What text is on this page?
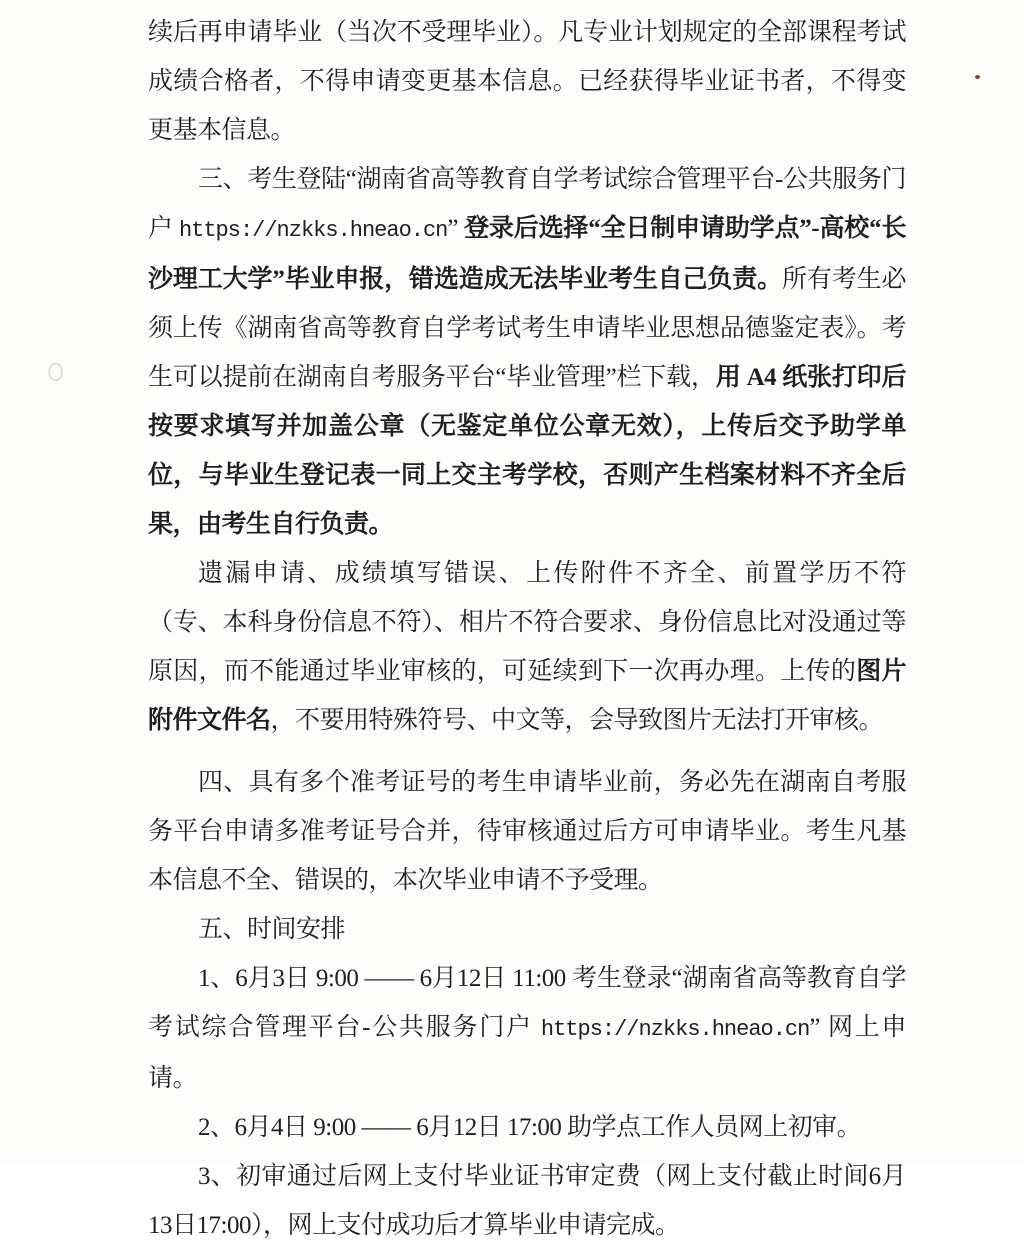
续后再申请毕业（当次不受理毕业）。凡专业计划规定的全部课程考试成绩合格者，不得申请变更基本信息。已经获得毕业证书者，不得变更基本信息。

三、考生登陆“湖南省高等教育自学考试综合管理平台-公共服务门户 https://nzkks.hneao.cn” 登录后选择“全日制申请助学点”-高校“长沙理工大学”毕业申报，错选造成无法毕业考生自己负责。所有考生必须上传《湖南省高等教育自学考试考生申请毕业思想品德鉴定表》。考生可以提前在湖南自考服务平台“毕业管理”栏下载，用 A4 纸张打印后按要求填写并加盖公章（无鉴定单位公章无效），上传后交予助学单位，与毕业生登记表一同上交主考学校，否则产生档案材料不齐全后果，由考生自行负责。

遗漏申请、成绩填写错误、上传附件不齐全、前置学历不符（专、本科身份信息不符）、相片不符合要求、身份信息比对没通过等原因，而不能通过毕业审核的，可延续到下一次再办理。上传的图片附件文件名，不要用特殊符号、中文等，会导致图片无法打开审核。

四、具有多个准考证号的考生申请毕业前，务必先在湖南自考服务平台申请多准考证号合并，待审核通过后方可申请毕业。考生凡基本信息不全、错误的，本次毕业申请不予受理。

五、时间安排

1、6月3日 9:00 —— 6月12日 11:00 考生登录“湖南省高等教育自学考试综合管理平台-公共服务门户 https://nzkks.hneao.cn” 网上申请。

2、6月4日 9:00 —— 6月12日 17:00 助学点工作人员网上初审。

3、初审通过后网上支付毕业证书审定费（网上支付截止时间6月13日17:00），网上支付成功后才算毕业申请完成。
